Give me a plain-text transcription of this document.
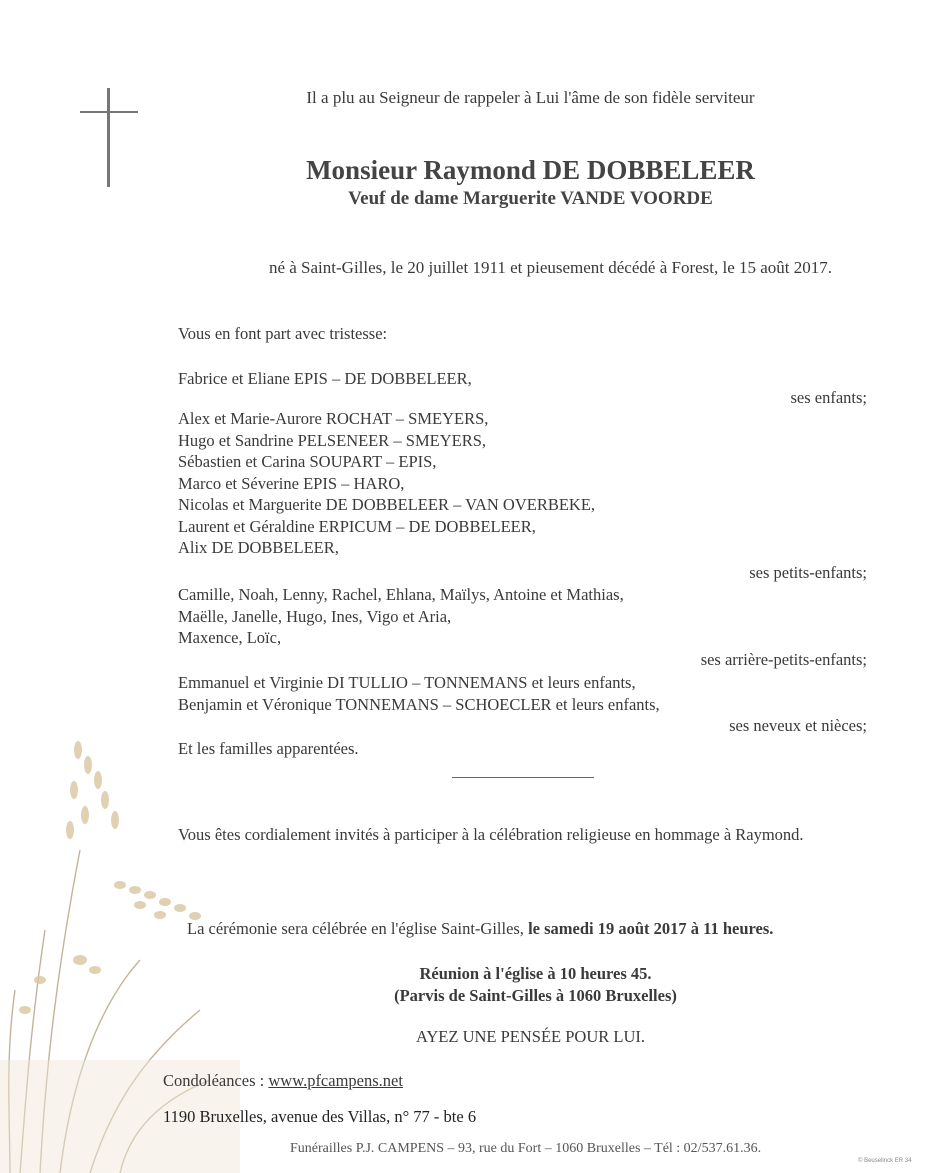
Il a plu au Seigneur de rappeler à Lui l'âme de son fidèle serviteur
Monsieur Raymond DE DOBBELEER
Veuf de dame Marguerite VANDE VOORDE
né à Saint-Gilles, le 20 juillet 1911 et pieusement décédé à Forest, le 15 août 2017.
Vous en font part avec tristesse:
Fabrice et Eliane EPIS – DE DOBBELEER,
ses enfants;
Alex et Marie-Aurore ROCHAT – SMEYERS,
Hugo et Sandrine PELSENEER – SMEYERS,
Sébastien et Carina SOUPART – EPIS,
Marco et Séverine EPIS – HARO,
Nicolas et Marguerite DE DOBBELEER – VAN OVERBEKE,
Laurent et Géraldine ERPICUM – DE DOBBELEER,
Alix DE DOBBELEER,
ses petits-enfants;
Camille, Noah, Lenny, Rachel, Ehlana, Maïlys, Antoine et Mathias,
Maëlle, Janelle, Hugo, Ines, Vigo et Aria,
Maxence, Loïc,
ses arrière-petits-enfants;
Emmanuel et Virginie DI TULLIO – TONNEMANS et leurs enfants,
Benjamin et Véronique TONNEMANS – SCHOECLER et leurs enfants,
ses neveux et nièces;
Et les familles apparentées.
Vous êtes cordialement invités à participer à la célébration religieuse en hommage à Raymond.
La cérémonie sera célébrée en l'église Saint-Gilles, le samedi 19 août 2017 à 11 heures.
Réunion à l'église à 10 heures 45.
(Parvis de Saint-Gilles à 1060 Bruxelles)
AYEZ UNE PENSÉE POUR LUI.
Condoléances : www.pfcampens.net
1190 Bruxelles, avenue des Villas, n° 77 - bte 6
Funérailles P.J. CAMPENS – 93, rue du Fort – 1060 Bruxelles – Tél : 02/537.61.36.
© Beuselinck ER 34
